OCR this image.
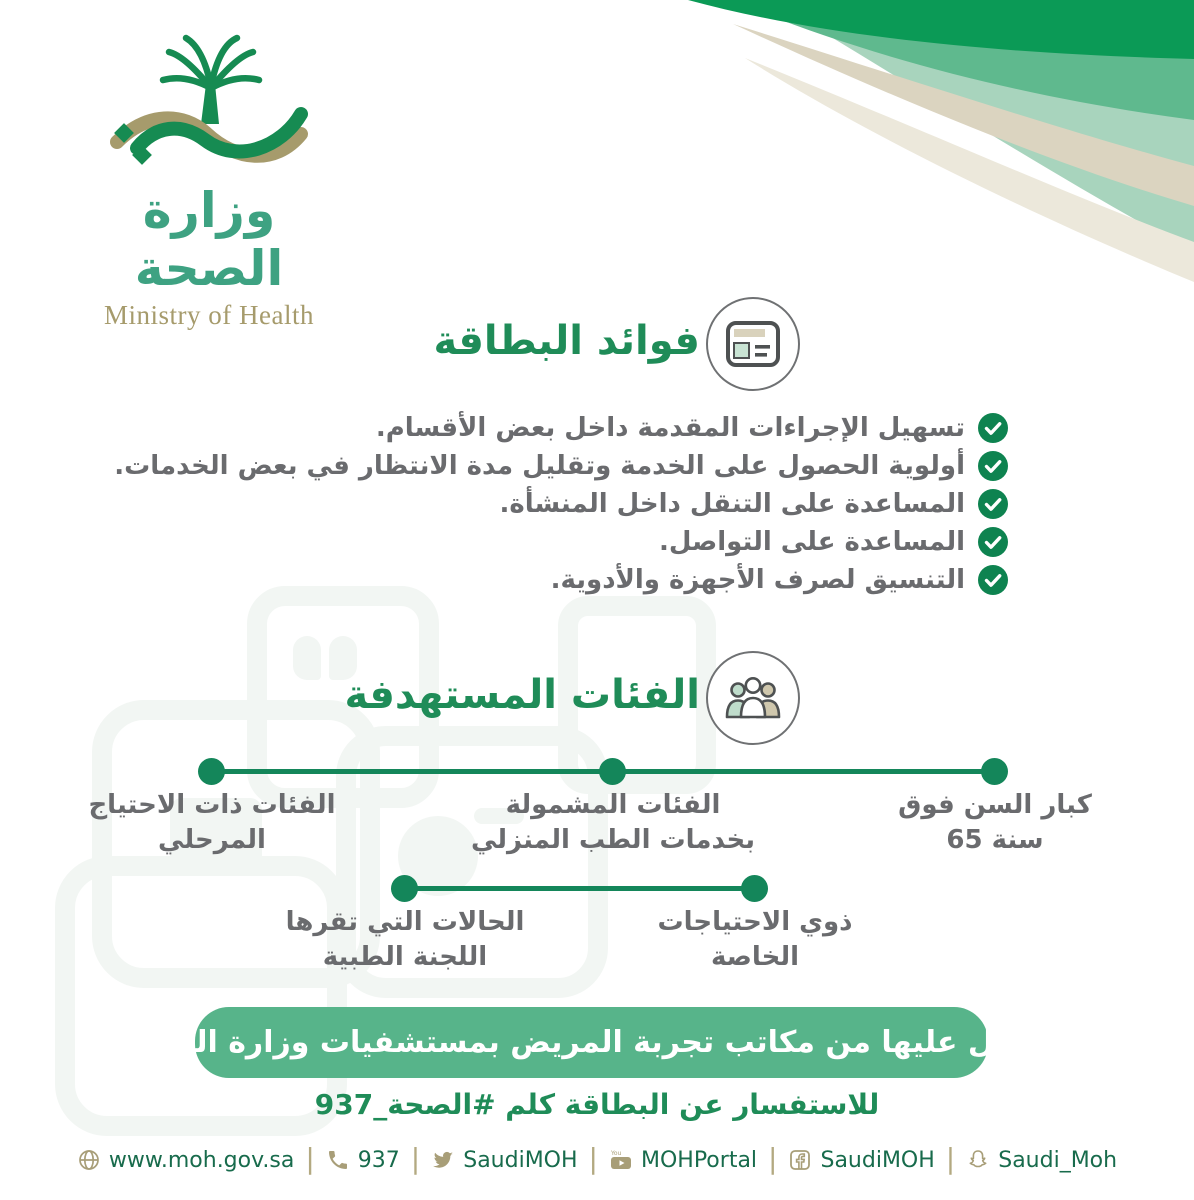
وزارة الصحة
Ministry of Health
فوائد البطاقة
تسهيل الإجراءات المقدمة داخل بعض الأقسام.
أولوية الحصول على الخدمة وتقليل مدة الانتظار في بعض الخدمات.
المساعدة على التنقل داخل المنشأة.
المساعدة على التواصل.
التنسيق لصرف الأجهزة والأدوية.
الفئات المستهدفة
كبار السن فوق
65 سنة
الفئات المشمولة
بخدمات الطب المنزلي
الفئات ذات الاحتياج
المرحلي
ذوي الاحتياجات
الخاصة
الحالات التي تقرها
اللجنة الطبية
احصل عليها من مكاتب تجربة المريض بمستشفيات وزارة الصحة
للاستفسار عن البطاقة كلم #الصحة_937
www.moh.gov.sa | 937 | SaudiMOH | You MOHPortal | SaudiMOH | Saudi_Moh
